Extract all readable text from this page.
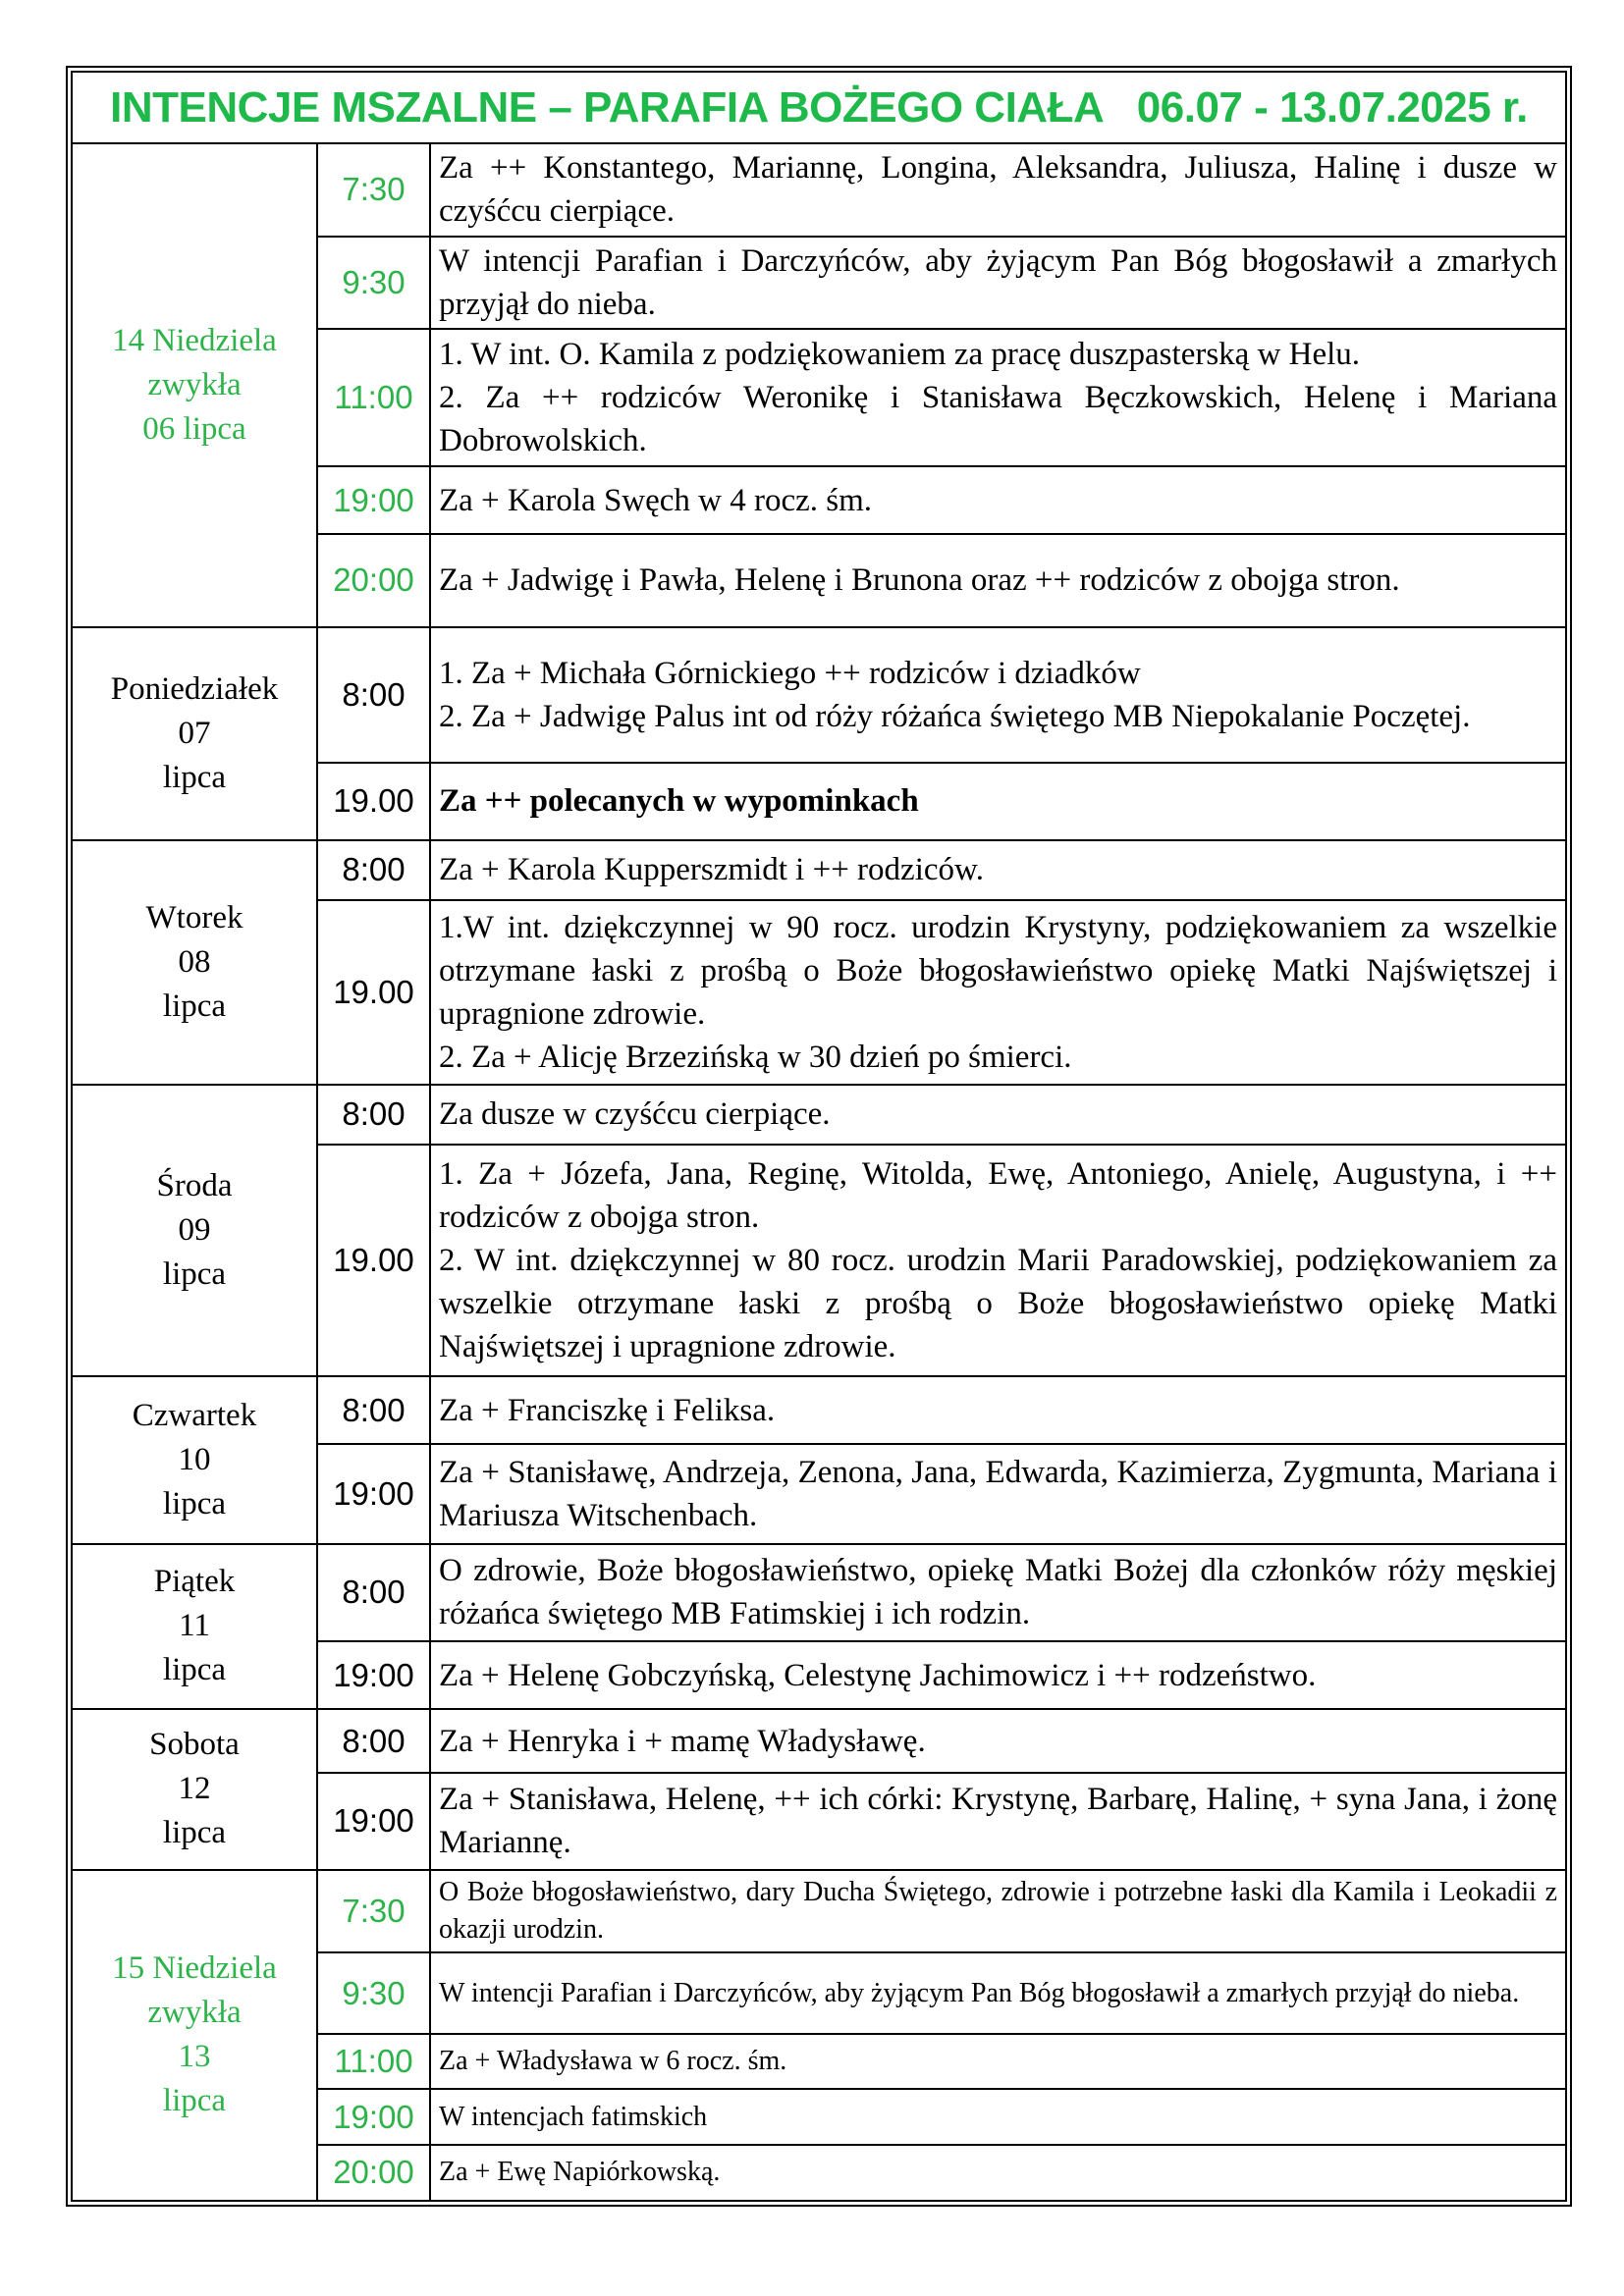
INTENCJE MSZALNE – PARAFIA BOŻEGO CIAŁA   06.07 - 13.07.2025 r.		

14 Niedziela
zwykła
06 lipca	7:30	Za ++ Konstantego, Mariannę, Longina, Aleksandra, Juliusza, Halinę i dusze w czyśćcu cierpiące.
	9:30	W intencji Parafian i Darczyńców, aby żyjącym Pan Bóg błogosławił a zmarłych przyjął do nieba.
	11:00	1. W int. O. Kamila z podziękowaniem za pracę duszpasterską w Helu.
2. Za ++ rodziców Weronikę i Stanisława Bęczkowskich, Helenę i Mariana Dobrowolskich.

	19:00	Za + Karola Swęch w 4 rocz. śm.
	20:00	Za + Jadwigę i Pawła, Helenę i Brunona oraz ++ rodziców z obojga stron.

Poniedziałek
07
lipca	8:00	1. Za + Michała Górnickiego ++ rodziców i dziadków
2. Za + Jadwigę Palus int od róży różańca świętego MB Niepokalanie Poczętej.

	19.00	Za ++ polecanych w wypominkach

Wtorek
08
lipca	8:00	Za + Karola Kupperszmidt i ++ rodziców.
	19.00	1.W int. dziękczynnej w 90 rocz. urodzin Krystyny, podziękowaniem za wszelkie otrzymane łaski z prośbą o Boże błogosławieństwo opiekę Matki Najświętszej i upragnione zdrowie.
2. Za + Alicję Brzezińską w 30 dzień po śmierci.

Środa
09
lipca	8:00	Za dusze w czyśćcu cierpiące.
	19.00	1. Za + Józefa, Jana, Reginę, Witolda, Ewę, Antoniego, Anielę, Augustyna, i ++ rodziców z obojga stron.
2. W int. dziękczynnej w 80 rocz. urodzin Marii Paradowskiej, podziękowaniem za wszelkie otrzymane łaski z prośbą o Boże błogosławieństwo opiekę Matki Najświętszej i upragnione zdrowie.

Czwartek
10
lipca	8:00	Za + Franciszkę i Feliksa.
	19:00	Za + Stanisławę, Andrzeja, Zenona, Jana, Edwarda, Kazimierza, Zygmunta, Mariana i Mariusza Witschenbach.

Piątek
11
lipca	8:00	O zdrowie, Boże błogosławieństwo, opiekę Matki Bożej dla członków róży męskiej różańca świętego MB Fatimskiej i ich rodzin.
	19:00	Za + Helenę Gobczyńską, Celestynę Jachimowicz i ++ rodzeństwo.

Sobota
12
lipca	8:00	Za + Henryka i + mamę Władysławę.
	19:00	Za + Stanisława, Helenę, ++ ich córki: Krystynę, Barbarę, Halinę, + syna Jana, i żonę Mariannę.

15 Niedziela
zwykła
13
lipca	7:30	O Boże błogosławieństwo, dary Ducha Świętego, zdrowie i potrzebne łaski dla Kamila i Leokadii z okazji urodzin.
	9:30	W intencji Parafian i Darczyńców, aby żyjącym Pan Bóg błogosławił a zmarłych przyjął do nieba.
	11:00	Za + Władysława w 6 rocz. śm.
	19:00	W intencjach fatimskich
	20:00	Za + Ewę Napiórkowską.
